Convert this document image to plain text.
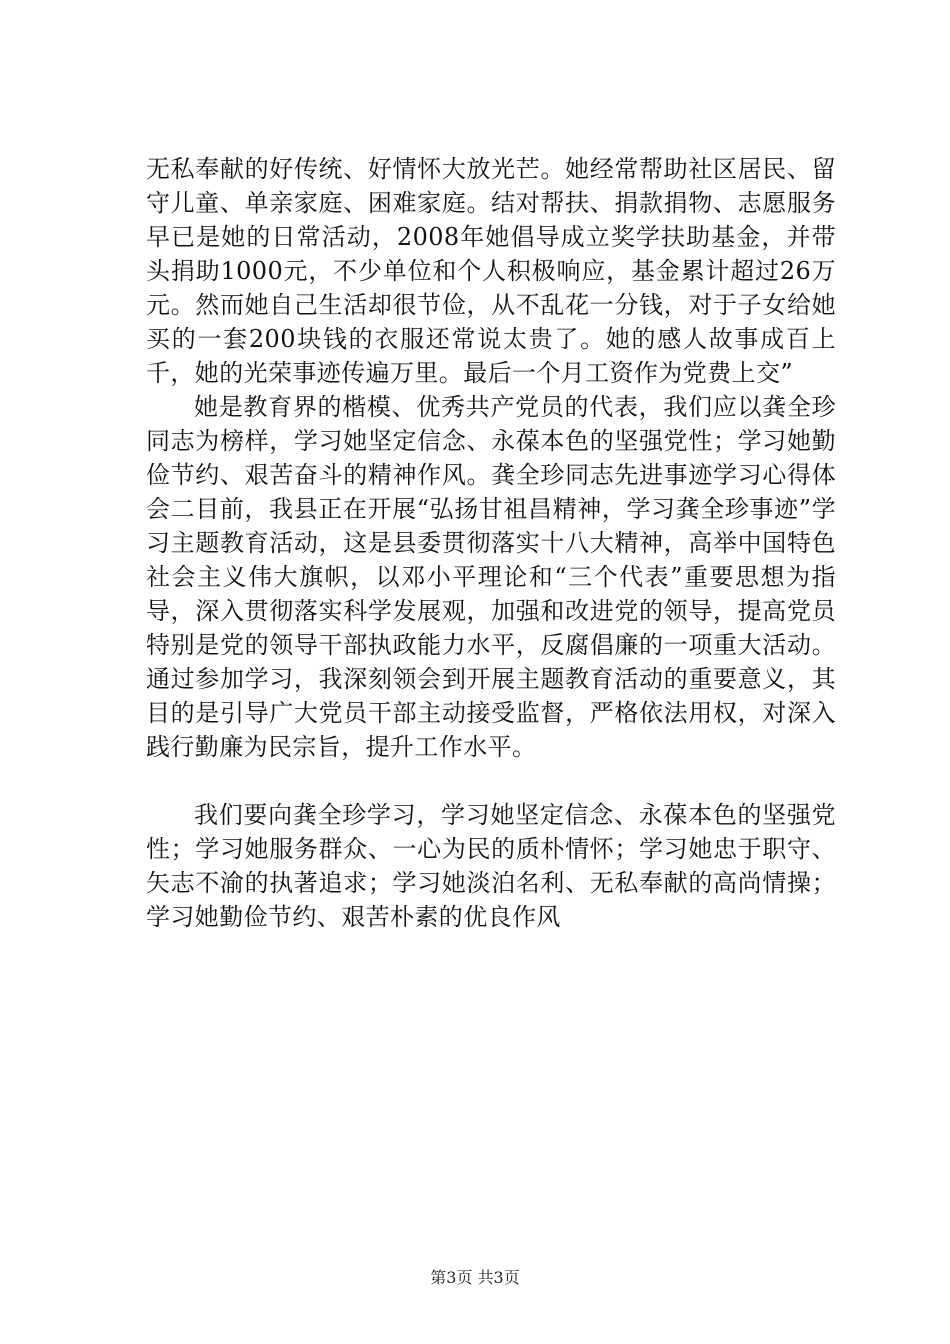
无私奉献的好传统、好情怀大放光芒。她经常帮助社区居民、留守儿童、单亲家庭、困难家庭。结对帮扶、捐款捐物、志愿服务早已是她的日常活动，2008年她倡导成立奖学扶助基金，并带头捐助1000元，不少单位和个人积极响应，基金累计超过26万元。然而她自己生活却很节俭，从不乱花一分钱，对于子女给她买的一套200块钱的衣服还常说太贵了。她的感人故事成百上千，她的光荣事迹传遍万里。最后一个月工资作为党费上交”

她是教育界的楷模、优秀共产党员的代表，我们应以龚全珍同志为榜样，学习她坚定信念、永葆本色的坚强党性；学习她勤俭节约、艰苦奋斗的精神作风。龚全珍同志先进事迹学习心得体会二目前，我县正在开展“弘扬甘祖昌精神，学习龚全珍事迹”学习主题教育活动，这是县委贯彻落实十八大精神，高举中国特色社会主义伟大旗帜，以邓小平理论和“三个代表”重要思想为指导，深入贯彻落实科学发展观，加强和改进党的领导，提高党员特别是党的领导干部执政能力水平，反腐倡廉的一项重大活动。通过参加学习，我深刻领会到开展主题教育活动的重要意义，其目的是引导广大党员干部主动接受监督，严格依法用权，对深入践行勤廉为民宗旨，提升工作水平。

我们要向龚全珍学习，学习她坚定信念、永葆本色的坚强党性；学习她服务群众、一心为民的质朴情怀；学习她忠于职守、矢志不渝的执著追求；学习她淡泊名利、无私奉献的高尚情操；学习她勤俭节约、艰苦朴素的优良作风

第3页 共3页
